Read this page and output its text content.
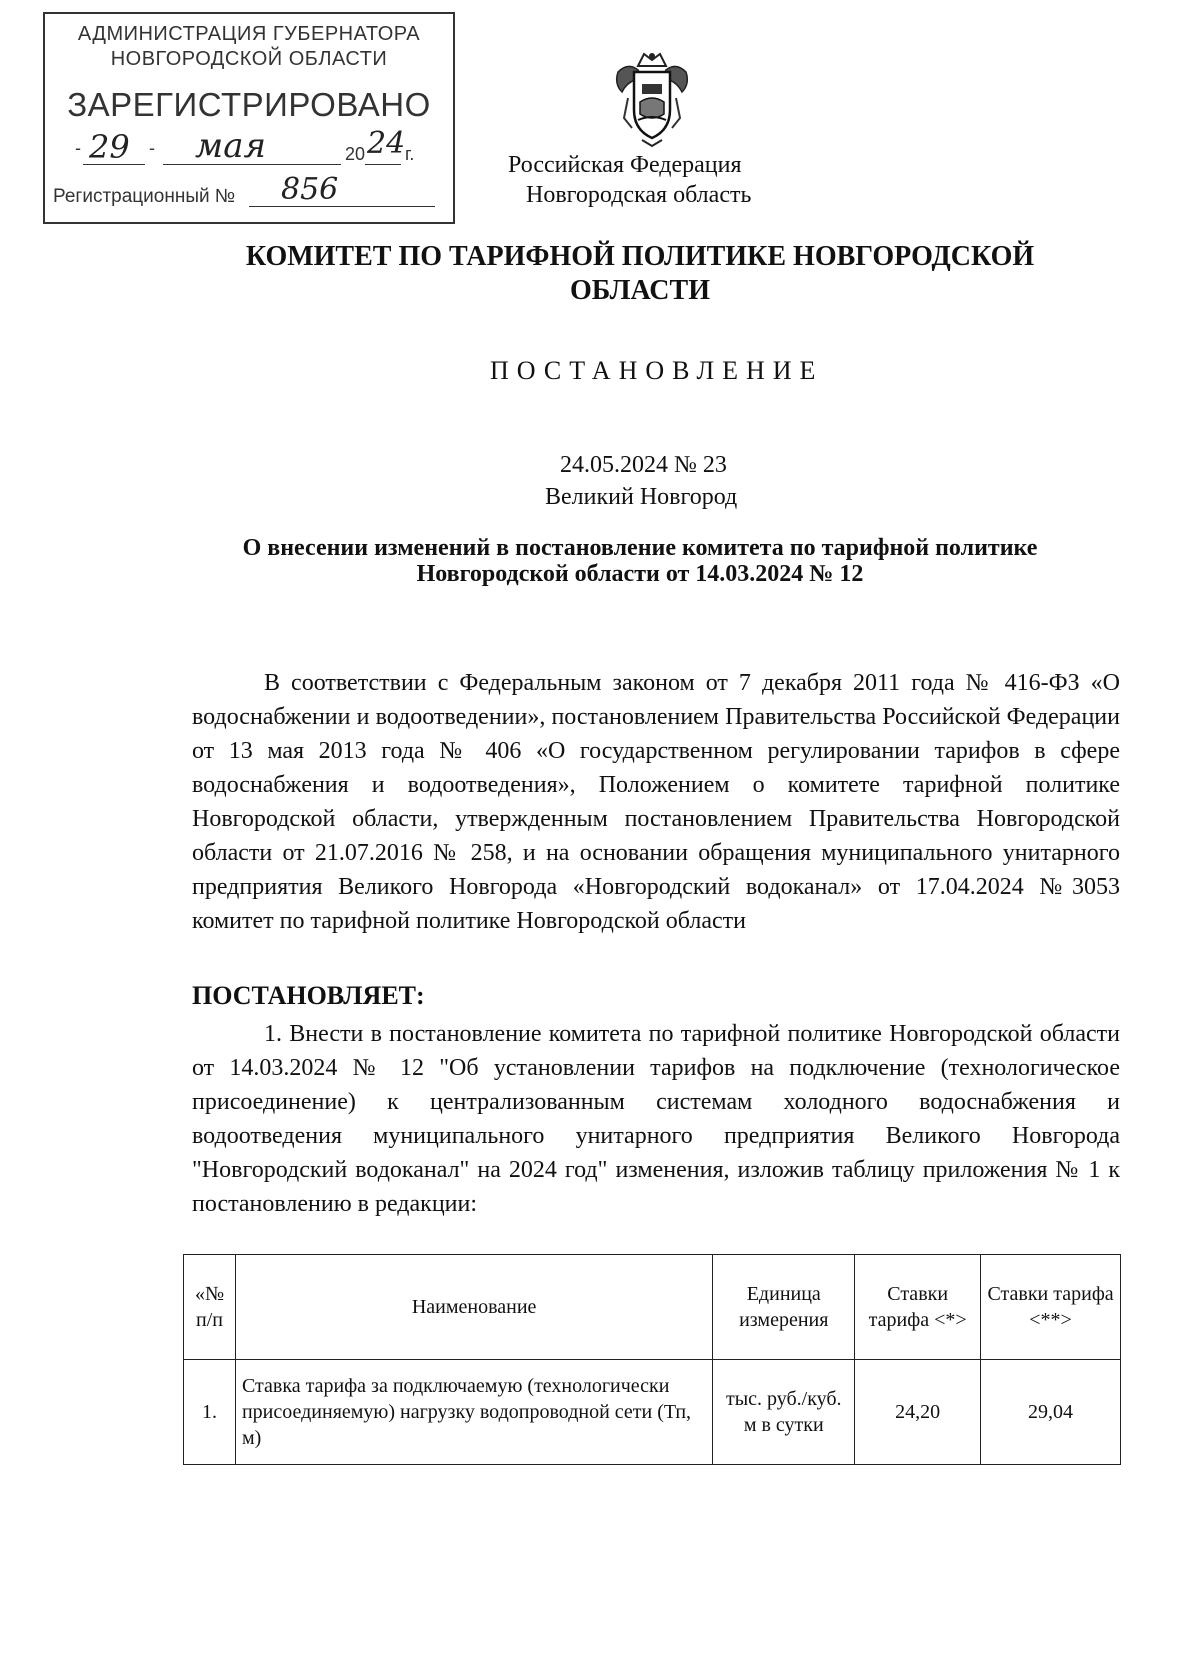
АДМИНИСТРАЦИЯ ГУБЕРНАТОРА
НОВГОРОДСКОЙ ОБЛАСТИ
ЗАРЕГИСТРИРОВАНО
- 29 - мая	20 24 г.
Регистрационный № 856
Российская Федерация
Новгородская область
КОМИТЕТ ПО ТАРИФНОЙ ПОЛИТИКЕ НОВГОРОДСКОЙ ОБЛАСТИ
ПОСТАНОВЛЕНИЕ
24.05.2024 № 23
Великий Новгород
О внесении изменений в постановление комитета по тарифной политике Новгородской области от 14.03.2024 № 12
В соответствии с Федеральным законом от 7 декабря 2011 года № 416-ФЗ «О водоснабжении и водоотведении», постановлением Правительства Российской Федерации от 13 мая 2013 года № 406 «О государственном регулировании тарифов в сфере водоснабжения и водоотведения», Положением о комитете тарифной политике Новгородской области, утвержденным постановлением Правительства Новгородской области от 21.07.2016 № 258, и на основании обращения муниципального унитарного предприятия Великого Новгорода «Новгородский водоканал» от 17.04.2024 №3053 комитет по тарифной политике Новгородской области
ПОСТАНОВЛЯЕТ:
1. Внести в постановление комитета по тарифной политике Новгородской области от 14.03.2024 № 12 "Об установлении тарифов на подключение (технологическое присоединение) к централизованным системам холодного водоснабжения и водоотведения муниципального унитарного предприятия Великого Новгорода "Новгородский водоканал" на 2024 год" изменения, изложив таблицу приложения № 1 к постановлению в редакции:
«№ п/п	Наименование	Единица измерения	Ставки тарифа <*>	Ставки тарифа <**>
1.	Ставка тарифа за подключаемую (технологически присоединяемую) нагрузку водопроводной сети (Тп, м)	тыс. руб./куб. м в сутки	24,20	29,04
